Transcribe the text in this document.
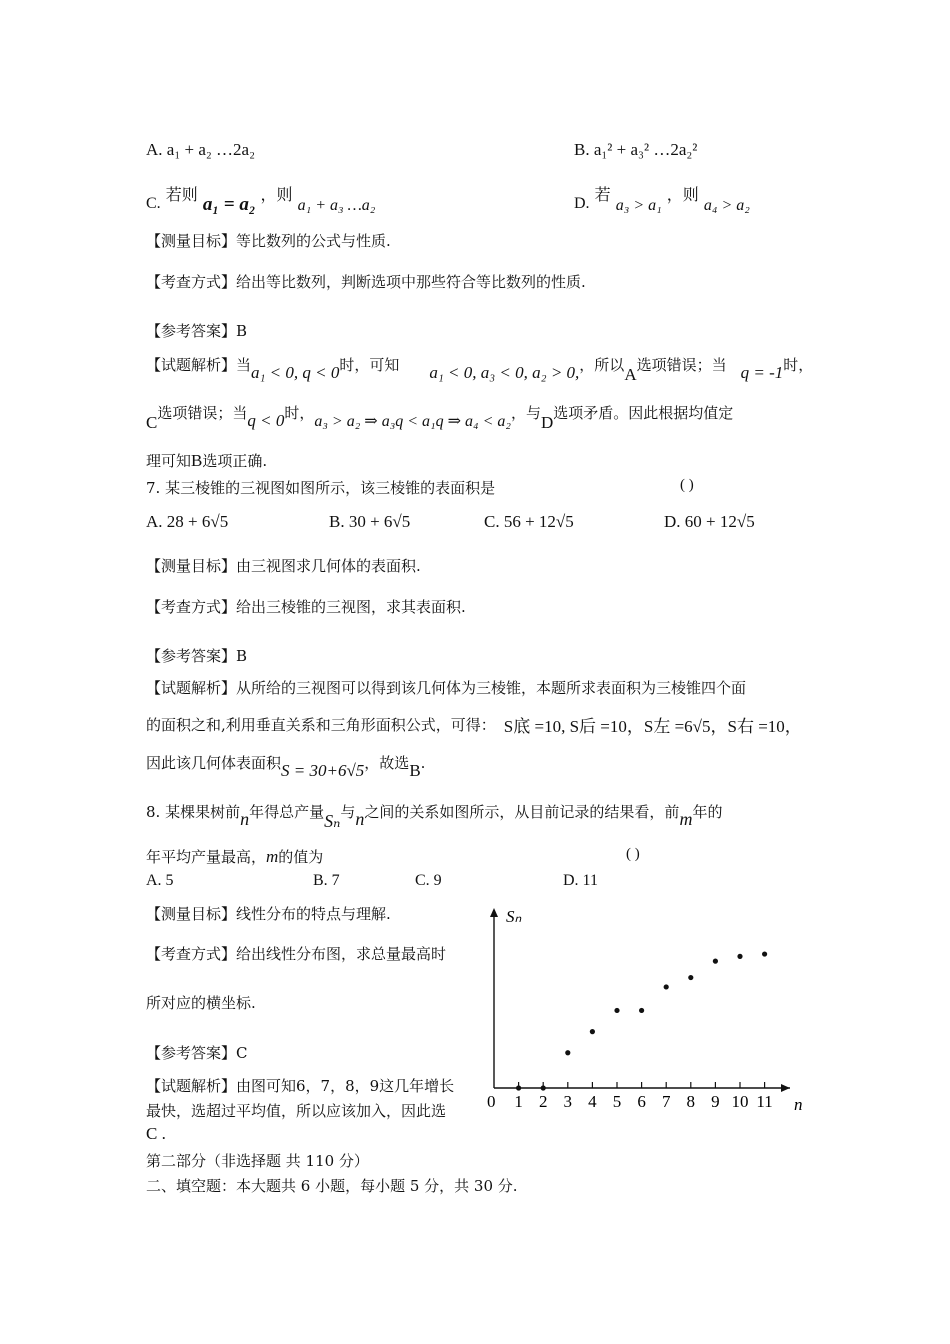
A. a₁ + a₂ …2a₂	B. a₁² + a₃² …2a₂²
C. 若则 a₁ = a₂ ，则 a₁ + a₃ …a₂	D. 若 a₃ > a₁ ，则 a₄ > a₂
【测量目标】等比数列的公式与性质.
【考查方式】给出等比数列，判断选项中那些符合等比数列的性质.
【参考答案】B
【试题解析】当a₁ < 0, q < 0时，可知 a₁ < 0, a₃ < 0, a₂ > 0,，所以A选项错误；当 q = -1时，
C选项错误；当q < 0时，a₃ > a₂ ⇒ a₃q < a₁q ⇒ a₄ < a₂，与D选项矛盾。因此根据均值定
理可知B选项正确.
7. 某三棱锥的三视图如图所示，该三棱锥的表面积是	( )
A. 28 + 6√5	B. 30 + 6√5	C. 56 + 12√5	D. 60 + 12√5
【测量目标】由三视图求几何体的表面积.
【考查方式】给出三棱锥的三视图，求其表面积.
【参考答案】B
【试题解析】从所给的三视图可以得到该几何体为三棱锥，本题所求表面积为三棱锥四个面
的面积之和,利用垂直关系和三角形面积公式，可得： S底 =10, S后 =10，S左 =6√5，S右 =10，
因此该几何体表面积S = 30+6√5，故选B.
8. 某棵果树前n年得总产量Sₙ与n之间的关系如图所示，从目前记录的结果看，前m年的
年平均产量最高，m的值为	( )
A. 5	B. 7	C. 9	D. 11
【测量目标】线性分布的特点与理解.
【考查方式】给出线性分布图，求总量最高时
所对应的横坐标.
【参考答案】C
【试题解析】由图可知6，7，8，9这几年增长
最快，选超过平均值，所以应该加入，因此选
C .
1 2 3 4 5 6 7 8 9 10 11
Sₙ
n
0
第二部分（非选择题 共 110 分）
二、填空题：本大题共 6 小题，每小题 5 分，共 30 分.
